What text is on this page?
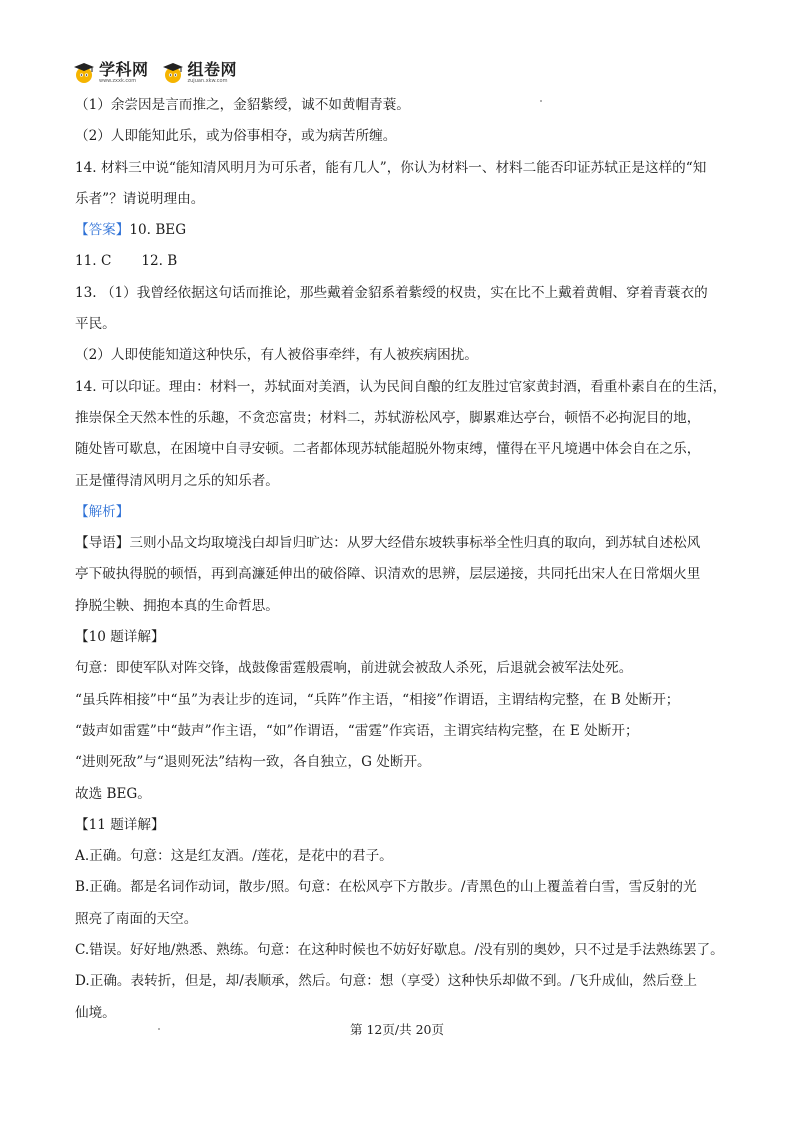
学科网
www.zxxk.com
组卷网
zujuan.xkw.com
（1）余尝因是言而推之，金貂紫绶，诚不如黄帽青蓑。
（2）人即能知此乐，或为俗事相夺，或为病苦所缠。
14. 材料三中说“能知清风明月为可乐者，能有几人”，你认为材料一、材料二能否印证苏轼正是这样的“知
乐者”？请说明理由。
【答案】10. BEG
11. C 12. B
13. （1）我曾经依据这句话而推论，那些戴着金貂系着紫绶的权贵，实在比不上戴着黄帽、穿着青蓑衣的
平民。
（2）人即使能知道这种快乐，有人被俗事牵绊，有人被疾病困扰。
14. 可以印证。理由：材料一，苏轼面对美酒，认为民间自酿的红友胜过官家黄封酒，看重朴素自在的生活，
推崇保全天然本性的乐趣，不贪恋富贵；材料二，苏轼游松风亭，脚累难达亭台，顿悟不必拘泥目的地，
随处皆可歇息，在困境中自寻安顿。二者都体现苏轼能超脱外物束缚，懂得在平凡境遇中体会自在之乐，
正是懂得清风明月之乐的知乐者。
【解析】
【导语】三则小品文均取境浅白却旨归旷达：从罗大经借东坡轶事标举全性归真的取向，到苏轼自述松风
亭下破执得脱的顿悟，再到高濂延伸出的破俗障、识清欢的思辨，层层递接，共同托出宋人在日常烟火里
挣脱尘鞅、拥抱本真的生命哲思。
【10 题详解】
句意：即使军队对阵交锋，战鼓像雷霆般震响，前进就会被敌人杀死，后退就会被军法处死。
“虽兵阵相接”中“虽”为表让步的连词，“兵阵”作主语，“相接”作谓语，主谓结构完整，在 B 处断开；
“鼓声如雷霆”中“鼓声”作主语，“如”作谓语，“雷霆”作宾语，主谓宾结构完整，在 E 处断开；
“进则死敌”与“退则死法”结构一致，各自独立，G 处断开。
故选 BEG。
【11 题详解】
A.正确。句意：这是红友酒。/莲花，是花中的君子。
B.正确。都是名词作动词，散步/照。句意：在松风亭下方散步。/青黑色的山上覆盖着白雪，雪反射的光
照亮了南面的天空。
C.错误。好好地/熟悉、熟练。句意：在这种时候也不妨好好歇息。/没有别的奥妙，只不过是手法熟练罢了。
D.正确。表转折，但是，却/表顺承，然后。句意：想（享受）这种快乐却做不到。/飞升成仙，然后登上
仙境。
第 12页/共 20页
